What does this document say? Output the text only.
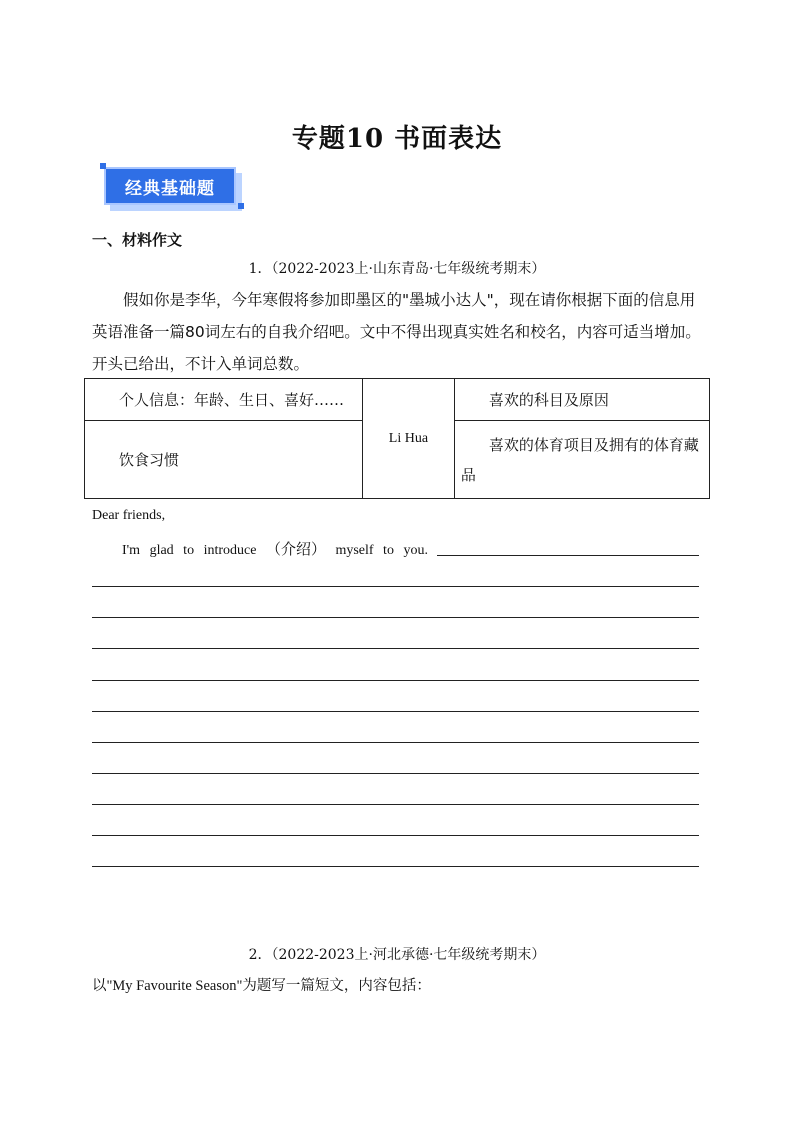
专题10 书面表达
经典基础题
一、材料作文
1．（2022-2023上·山东青岛·七年级统考期末）
假如你是李华，今年寒假将参加即墨区的"墨城小达人"，现在请你根据下面的信息用英语准备一篇80词左右的自我介绍吧。文中不得出现真实姓名和校名，内容可适当增加。开头已给出，不计入单词总数。
个人信息：年龄、生日、喜好……	Li Hua	喜欢的科目及原因
饮食习惯		喜欢的体育项目及拥有的体育藏品
Dear friends,
I'm glad to introduce （介绍） myself to you.
2．（2022-2023上·河北承德·七年级统考期末）
以"My Favourite Season"为题写一篇短文，内容包括：
